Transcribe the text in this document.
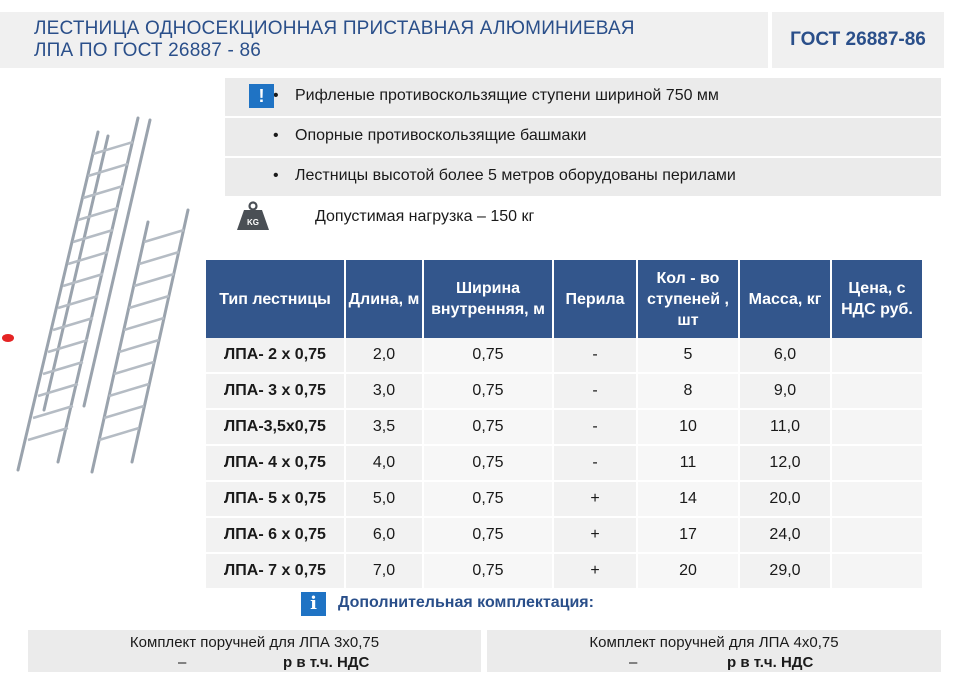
ЛЕСТНИЦА ОДНОСЕКЦИОННАЯ ПРИСТАВНАЯ АЛЮМИНИЕВАЯ
ЛПА ПО ГОСТ 26887 - 86
ГОСТ 26887-86
• Рифленые противоскользящие ступени шириной 750 мм
!
• Опорные противоскользящие башмаки
• Лестницы высотой более 5 метров оборудованы перилами
KG	Допустимая нагрузка – 150 кг
Тип лестницы	Длина, м	Ширина внутренняя, м	Перила	Кол - во ступеней , шт	Масса, кг	Цена, с НДС руб.
ЛПА- 2 х 0,75	2,0	0,75	-	5	6,0	
ЛПА- 3 х 0,75	3,0	0,75	-	8	9,0	
ЛПА-3,5х0,75	3,5	0,75	-	10	11,0	
ЛПА- 4 х 0,75	4,0	0,75	-	11	12,0	
ЛПА- 5 х 0,75	5,0	0,75	+	14	20,0	
ЛПА- 6 х 0,75	6,0	0,75	+	17	24,0	
ЛПА- 7 х 0,75	7,0	0,75	+	20	29,0	
i	Дополнительная комплектация:
Комплект поручней для ЛПА 3х0,75
–	р в т.ч. НДС
Комплект поручней для ЛПА 4х0,75
–	р в т.ч. НДС
